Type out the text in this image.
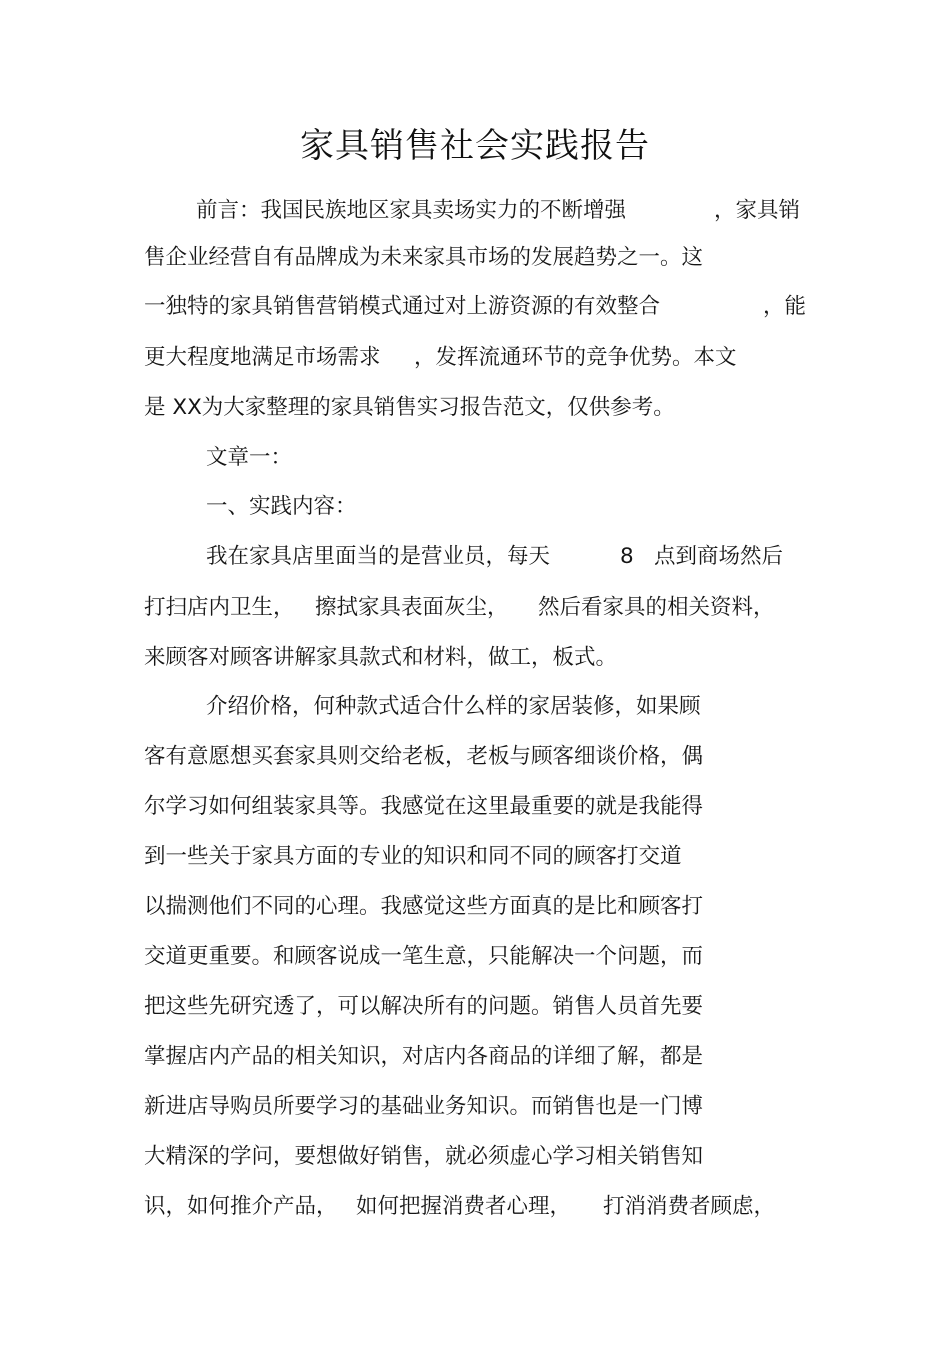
家具销售社会实践报告

前言：我国民族地区家具卖场实力的不断增强	，家具销

售企业经营自有品牌成为未来家具市场的发展趋势之一。这

一独特的家具销售营销模式通过对上游资源的有效整合	，能

更大程度地满足市场需求 ，发挥流通环节的竞争优势。本文

是 XX为大家整理的家具销售实习报告范文，仅供参考。

文章一：

一、实践内容：

我在家具店里面当的是营业员，每天	8 点到商场然后

打扫店内卫生， 擦拭家具表面灰尘， 然后看家具的相关资料，

来顾客对顾客讲解家具款式和材料，做工，板式。

介绍价格，何种款式适合什么样的家居装修，如果顾

客有意愿想买套家具则交给老板，老板与顾客细谈价格，偶

尔学习如何组装家具等。我感觉在这里最重要的就是我能得

到一些关于家具方面的专业的知识和同不同的顾客打交道

以揣测他们不同的心理。我感觉这些方面真的是比和顾客打

交道更重要。和顾客说成一笔生意，只能解决一个问题，而

把这些先研究透了，可以解决所有的问题。销售人员首先要

掌握店内产品的相关知识，对店内各商品的详细了解，都是

新进店导购员所要学习的基础业务知识。而销售也是一门博

大精深的学问，要想做好销售，就必须虚心学习相关销售知

识，如何推介产品， 如何把握消费者心理， 打消消费者顾虑，
